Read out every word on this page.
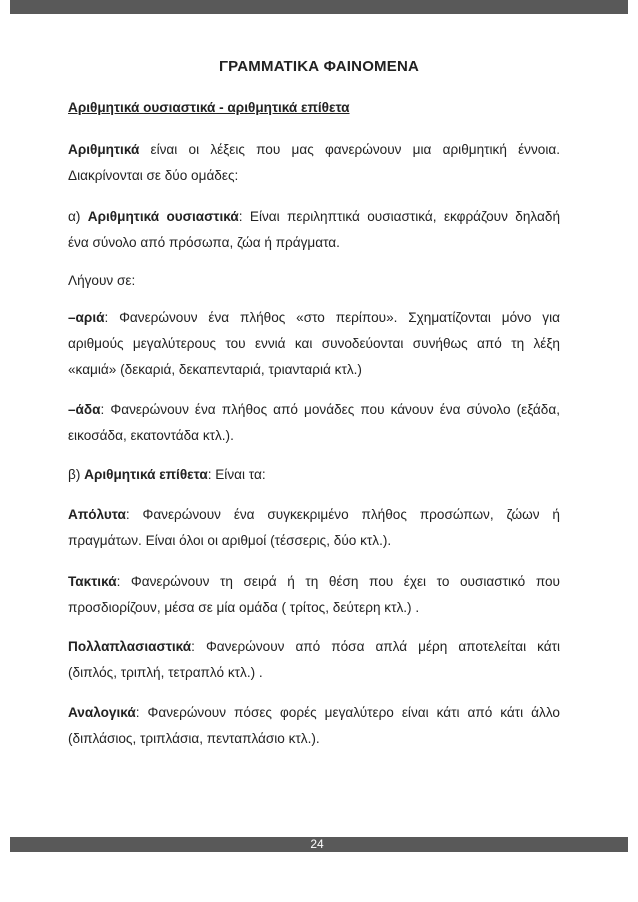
ΓΡΑΜΜΑΤΙΚΑ ΦΑΙΝΟΜΕΝΑ
Αριθμητικά ουσιαστικά - αριθμητικά επίθετα
Αριθμητικά είναι οι λέξεις που μας φανερώνουν μια αριθμητική έννοια.
Διακρίνονται σε δύο ομάδες:
α) Αριθμητικά ουσιαστικά: Είναι περιληπτικά ουσιαστικά, εκφράζουν δηλαδή
ένα σύνολο από πρόσωπα, ζώα ή πράγματα.
Λήγουν σε:
–αριά: Φανερώνουν ένα πλήθος «στο περίπου». Σχηματίζονται μόνο για
αριθμούς μεγαλύτερους του εννιά και συνοδεύονται συνήθως από τη λέξη
«καμιά» (δεκαριά, δεκαπενταριά, τριανταριά κτλ.)
–άδα: Φανερώνουν ένα πλήθος από μονάδες που κάνουν ένα σύνολο (εξάδα,
εικοσάδα, εκατοντάδα κτλ.).
β) Αριθμητικά επίθετα: Είναι τα:
Απόλυτα: Φανερώνουν ένα συγκεκριμένο πλήθος προσώπων, ζώων ή
πραγμάτων. Είναι όλοι οι αριθμοί (τέσσερις, δύο κτλ.).
Τακτικά: Φανερώνουν τη σειρά ή τη θέση που έχει το ουσιαστικό που
προσδιορίζουν, μέσα σε μία ομάδα ( τρίτος, δεύτερη κτλ.) .
Πολλαπλασιαστικά: Φανερώνουν από πόσα απλά μέρη αποτελείται κάτι
(διπλός, τριπλή, τετραπλό κτλ.) .
Αναλογικά: Φανερώνουν πόσες φορές μεγαλύτερο είναι κάτι από κάτι άλλο
(διπλάσιος, τριπλάσια, πενταπλάσιο κτλ.).
24
